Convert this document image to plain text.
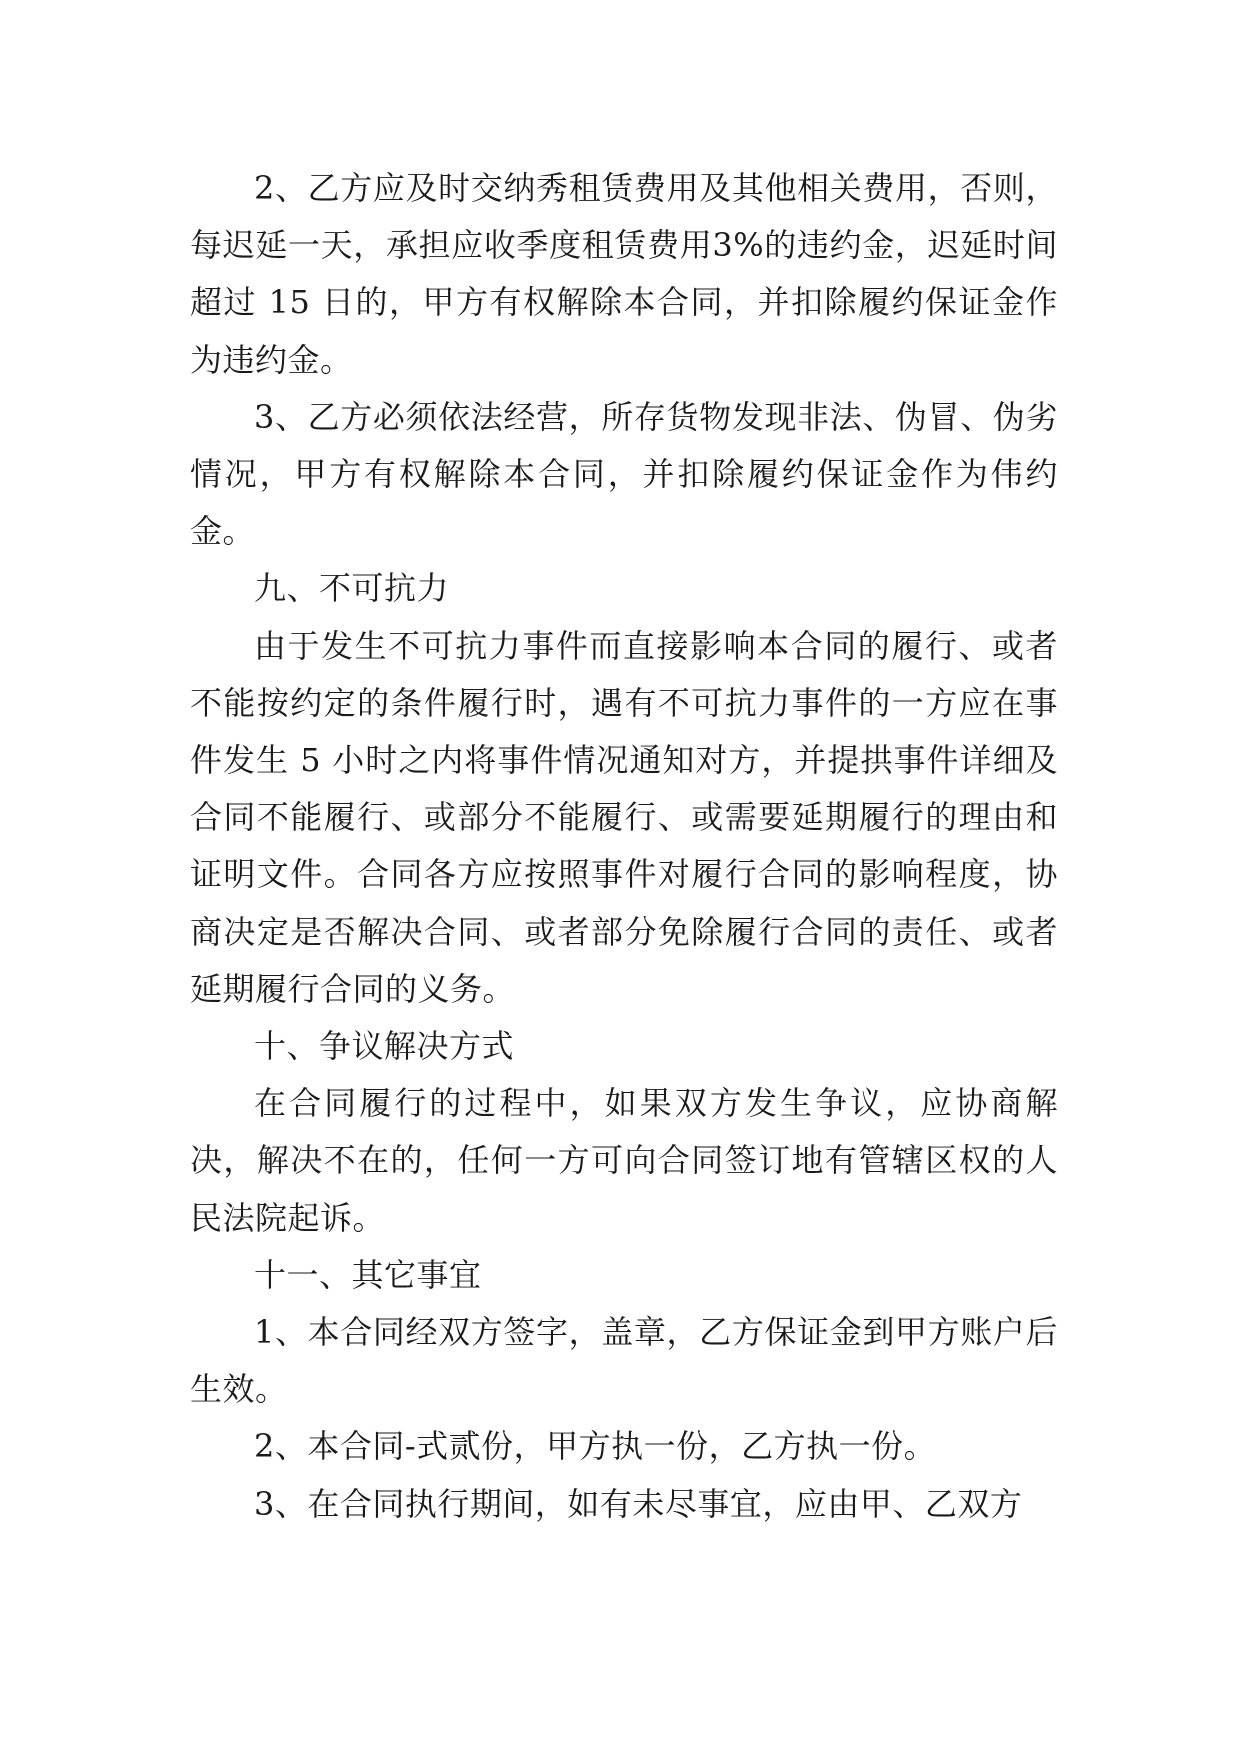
2、乙方应及时交纳秀租赁费用及其他相关费用，否则，每迟延一天，承担应收季度租赁费用3%的违约金，迟延时间超过 15 日的，甲方有权解除本合同，并扣除履约保证金作为违约金。

3、乙方必须依法经营，所存货物发现非法、伪冒、伪劣情况，甲方有权解除本合同，并扣除履约保证金作为伟约金。

九、不可抗力

由于发生不可抗力事件而直接影响本合同的履行、或者不能按约定的条件履行时，遇有不可抗力事件的一方应在事件发生 5 小时之内将事件情况通知对方，并提拱事件详细及合同不能履行、或部分不能履行、或需要延期履行的理由和证明文件。合同各方应按照事件对履行合同的影响程度，协商决定是否解决合同、或者部分免除履行合同的责任、或者延期履行合同的义务。

十、争议解决方式

在合同履行的过程中，如果双方发生争议，应协商解决，解决不在的，任何一方可向合同签订地有管辖区权的人民法院起诉。

十一、其它事宜

1、本合同经双方签字，盖章，乙方保证金到甲方账户后生效。

2、本合同-式贰份，甲方执一份，乙方执一份。

3、在合同执行期间，如有未尽事宜，应由甲、乙双方
